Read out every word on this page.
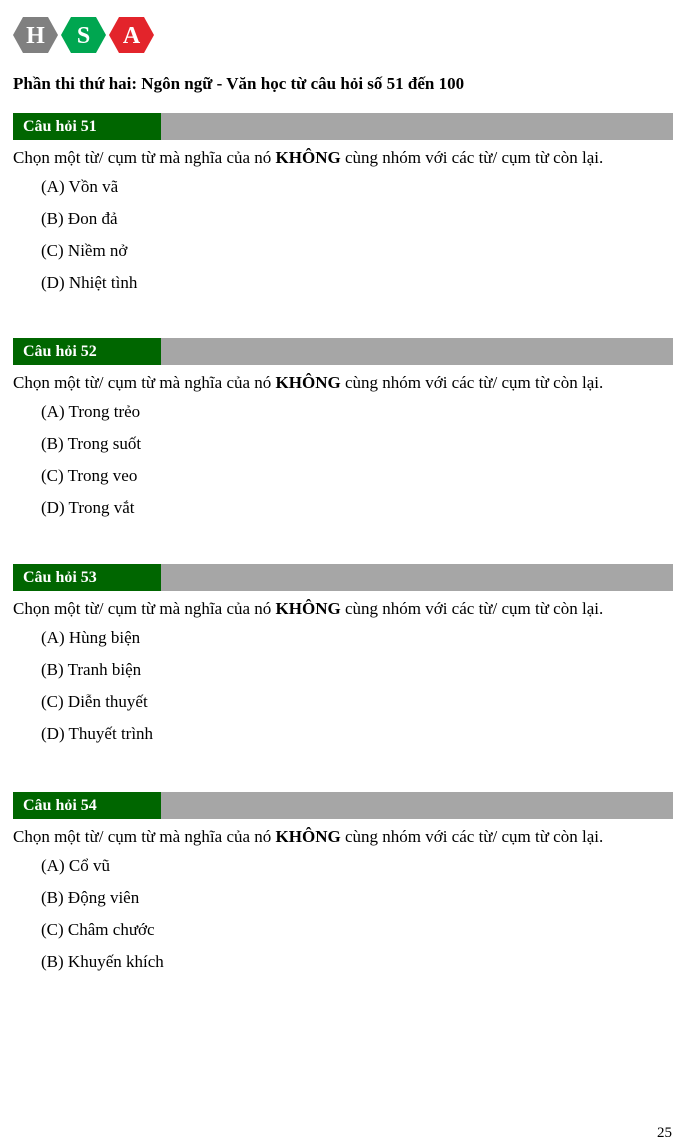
H S A
Phần thi thứ hai: Ngôn ngữ - Văn học từ câu hỏi số 51 đến 100
Câu hỏi 51
Chọn một từ/ cụm từ mà nghĩa của nó KHÔNG cùng nhóm với các từ/ cụm từ còn lại.
(A) Vồn vã
(B) Đon đả
(C) Niềm nở
(D) Nhiệt tình
Câu hỏi 52
Chọn một từ/ cụm từ mà nghĩa của nó KHÔNG cùng nhóm với các từ/ cụm từ còn lại.
(A) Trong trẻo
(B) Trong suốt
(C) Trong veo
(D) Trong vắt
Câu hỏi 53
Chọn một từ/ cụm từ mà nghĩa của nó KHÔNG cùng nhóm với các từ/ cụm từ còn lại.
(A) Hùng biện
(B) Tranh biện
(C) Diễn thuyết
(D) Thuyết trình
Câu hỏi 54
Chọn một từ/ cụm từ mà nghĩa của nó KHÔNG cùng nhóm với các từ/ cụm từ còn lại.
(A) Cổ vũ
(B) Động viên
(C) Châm chước
(B) Khuyến khích
25
